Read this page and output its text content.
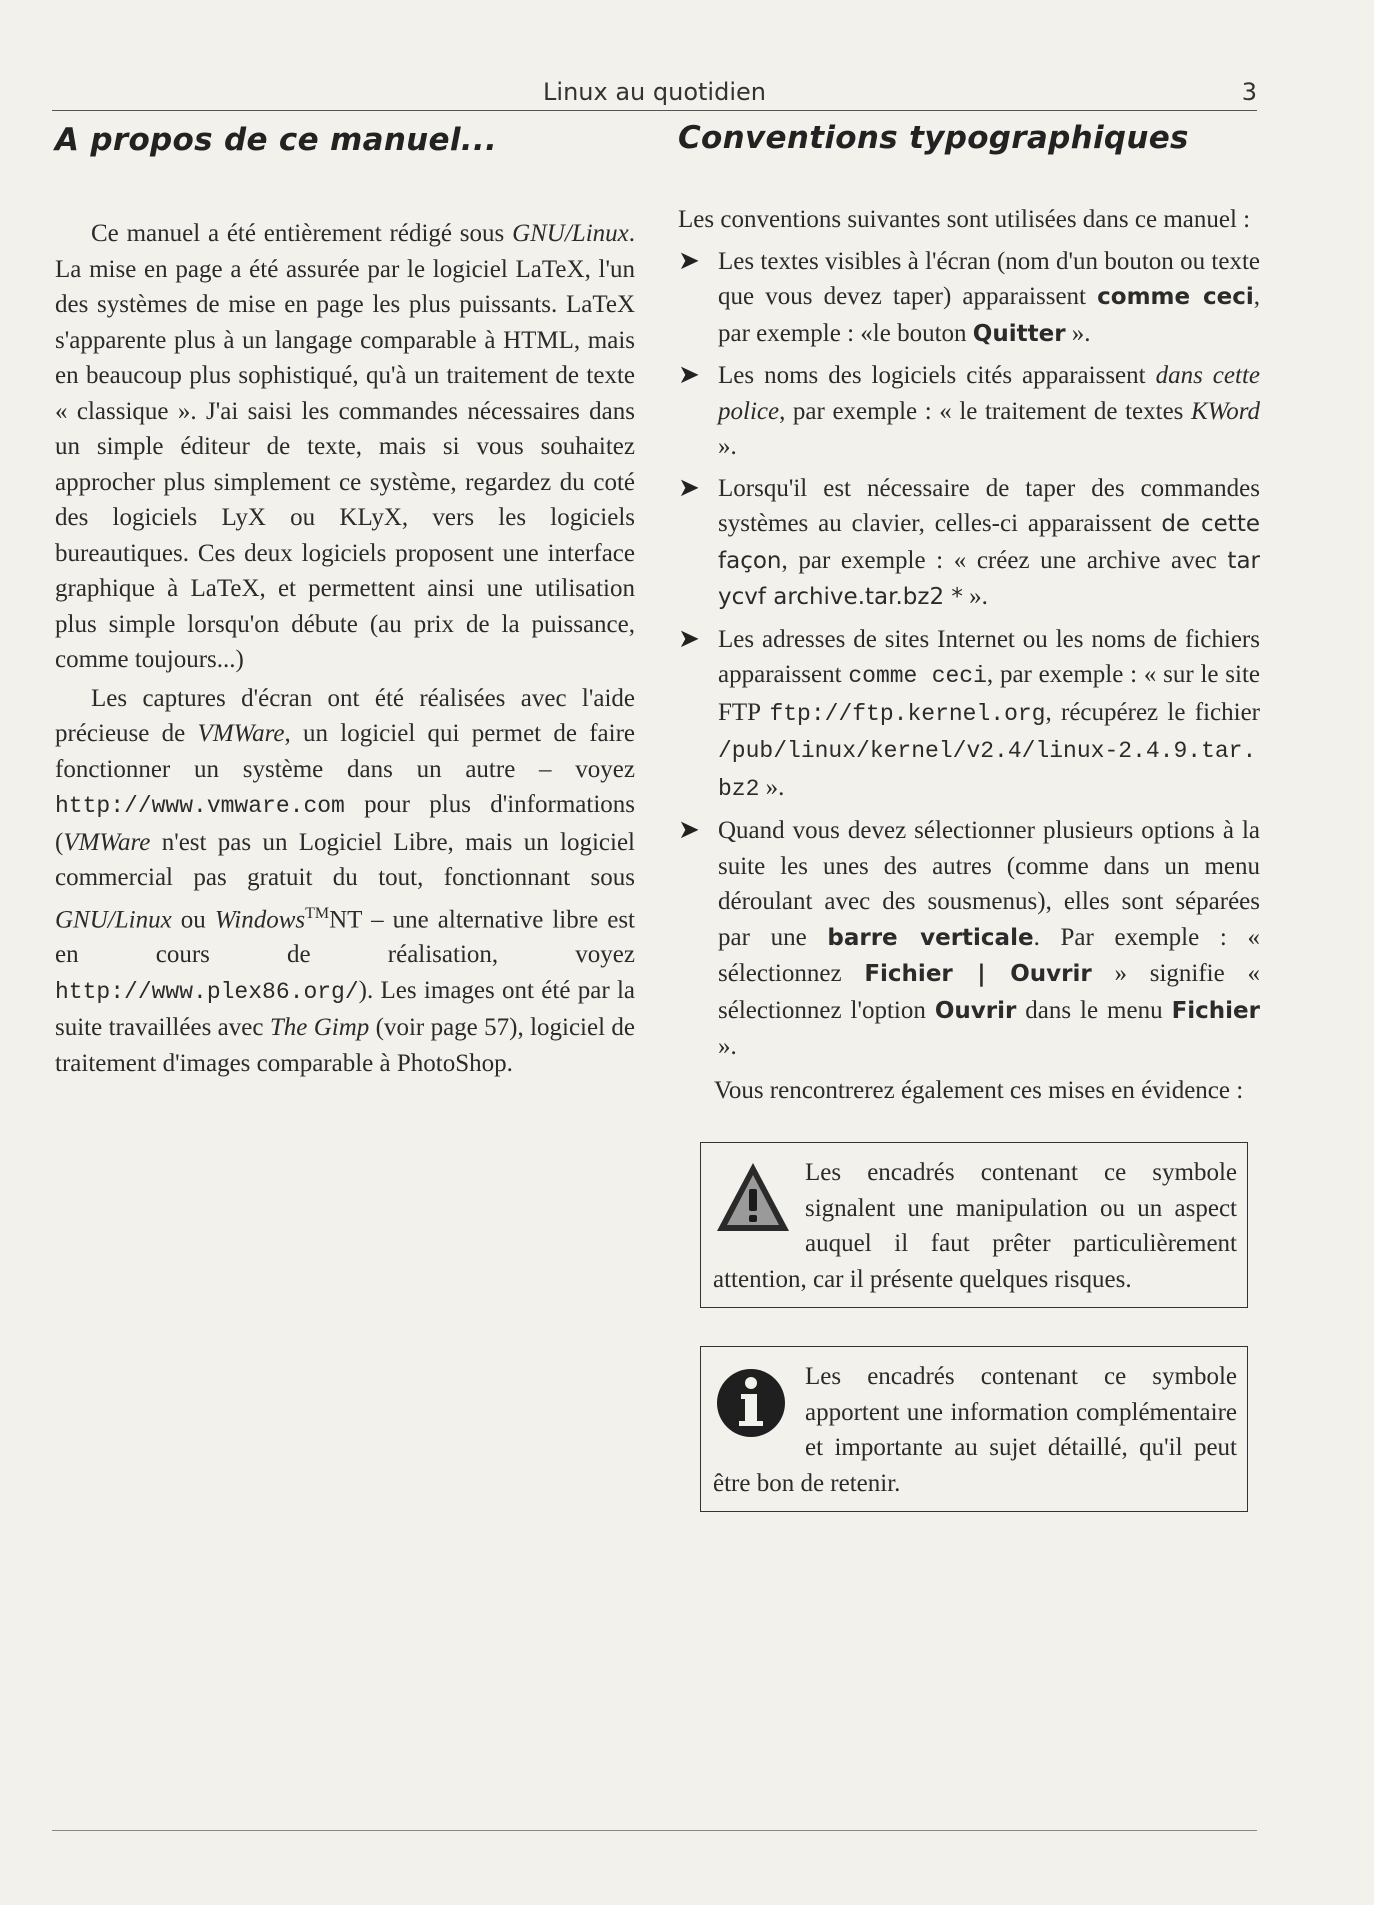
Linux au quotidien	3
A propos de ce manuel...

Ce manuel a été entièrement rédigé sous GNU/Linux. La mise en page a été assurée par le logiciel LaTeX, l'un des systèmes de mise en page les plus puissants. LaTeX s'apparente plus à un langage comparable à HTML, mais en beaucoup plus sophistiqué, qu'à un traitement de texte « classique ». J'ai saisi les commandes nécessaires dans un simple éditeur de texte, mais si vous souhaitez approcher plus simplement ce système, regardez du coté des logiciels LyX ou KLyX, vers les logiciels bureautiques. Ces deux logiciels proposent une interface graphique à LaTeX, et permettent ainsi une utilisation plus simple lorsqu'on débute (au prix de la puissance, comme toujours...)

Les captures d'écran ont été réalisées avec l'aide précieuse de VMWare, un logiciel qui permet de faire fonctionner un système dans un autre – voyez http://www.vmware.com pour plus d'informations (VMWare n'est pas un Logiciel Libre, mais un logiciel commercial pas gratuit du tout, fonctionnant sous GNU/Linux ou Windows™NT – une alternative libre est en cours de réalisation, voyez http://www.plex86.org/). Les images ont été par la suite travaillées avec The Gimp (voir page 57), logiciel de traitement d'images comparable à PhotoShop.

Conventions typographiques

Les conventions suivantes sont utilisées dans ce manuel :

➤ Les textes visibles à l'écran (nom d'un bouton ou texte que vous devez taper) apparaissent comme ceci, par exemple : «le bouton Quitter ».
➤ Les noms des logiciels cités apparaissent dans cette police, par exemple : « le traitement de textes KWord ».
➤ Lorsqu'il est nécessaire de taper des commandes systèmes au clavier, celles-ci apparaissent de cette façon, par exemple : « créez une archive avec tar ycvf archive.tar.bz2 * ».
➤ Les adresses de sites Internet ou les noms de fichiers apparaissent comme ceci, par exemple : « sur le site FTP ftp://ftp.kernel.org, récupérez le fichier /pub/linux/kernel/v2.4/linux-2.4.9.tar.bz2 ».
➤ Quand vous devez sélectionner plusieurs options à la suite les unes des autres (comme dans un menu déroulant avec des sousmenus), elles sont séparées par une barre verticale. Par exemple : « sélectionnez Fichier | Ouvrir » signifie « sélectionnez l'option Ouvrir dans le menu Fichier ».

Vous rencontrerez également ces mises en évidence :

Les encadrés contenant ce symbole signalent une manipulation ou un aspect auquel il faut prêter particulièrement attention, car il présente quelques risques.
Les encadrés contenant ce symbole apportent une information complémentaire et importante au sujet détaillé, qu'il peut être bon de retenir.
